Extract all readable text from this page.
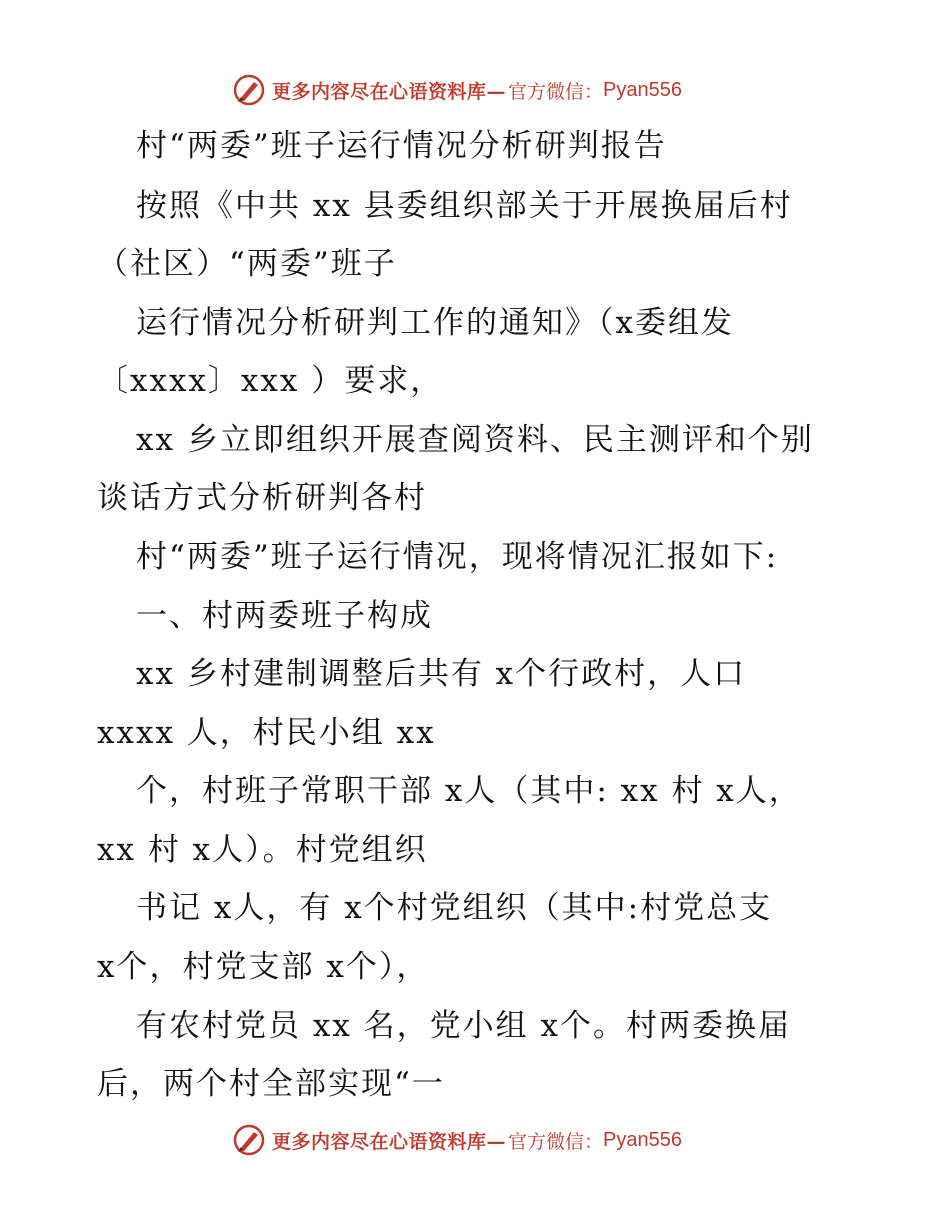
更多内容尽在心语资料库— 官方微信： Pyan556
村“两委”班子运行情况分析研判报告
按照《中共 xx 县委组织部关于开展换届后村
（社区）“两委”班子
运行情况分析研判工作的通知》（x委组发
〔xxxx〕xxx ）要求，
xx 乡立即组织开展查阅资料、民主测评和个别
谈话方式分析研判各村
村“两委”班子运行情况，现将情况汇报如下:
一、村两委班子构成
xx 乡村建制调整后共有 x个行政村，人口
xxxx 人，村民小组 xx
个，村班子常职干部 x人（其中: xx 村 x人，
xx 村 x人）。村党组织
书记 x人，有 x个村党组织（其中:村党总支
x个，村党支部 x个），
有农村党员 xx 名，党小组 x个。村两委换届
后，两个村全部实现“一
更多内容尽在心语资料库— 官方微信： Pyan556
